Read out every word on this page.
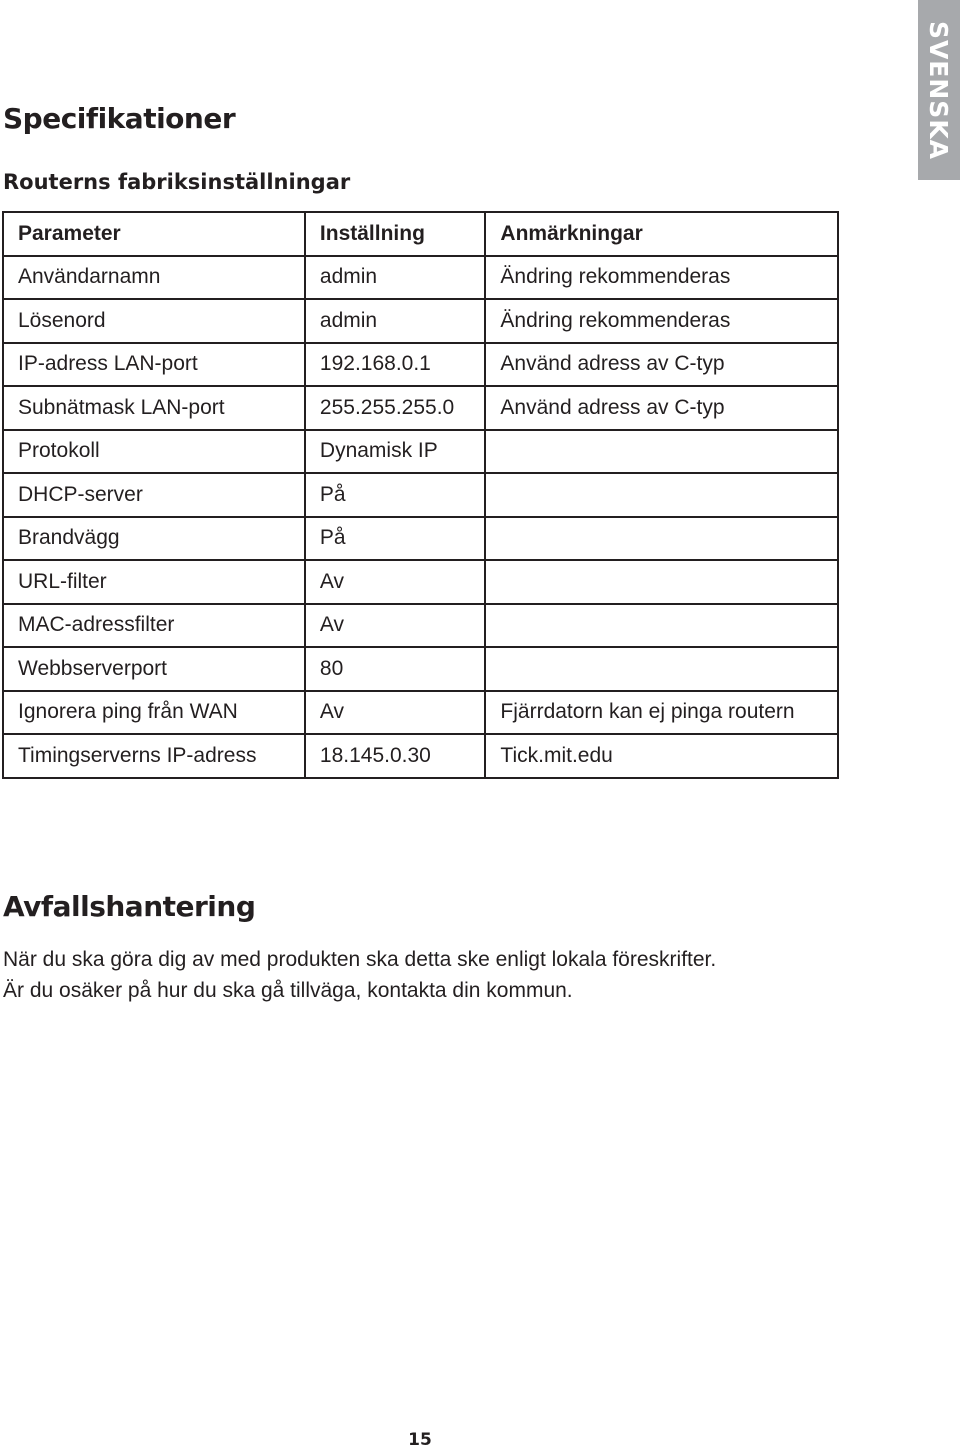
SVENSKA
Specifikationer
Routerns fabriksinställningar
Parameter	Inställning	Anmärkningar
Användarnamn	admin	Ändring rekommenderas
Lösenord	admin	Ändring rekommenderas
IP-adress LAN-port	192.168.0.1	Använd adress av C-typ
Subnätmask LAN-port	255.255.255.0	Använd adress av C-typ
Protokoll	Dynamisk IP	
DHCP-server	På	
Brandvägg	På	
URL-filter	Av	
MAC-adressfilter	Av	
Webbserverport	80	
Ignorera ping från WAN	Av	Fjärrdatorn kan ej pinga routern
Timingserverns IP-adress	18.145.0.30	Tick.mit.edu
Avfallshantering

När du ska göra dig av med produkten ska detta ske enligt lokala föreskrifter.
Är du osäker på hur du ska gå tillväga, kontakta din kommun.

15
